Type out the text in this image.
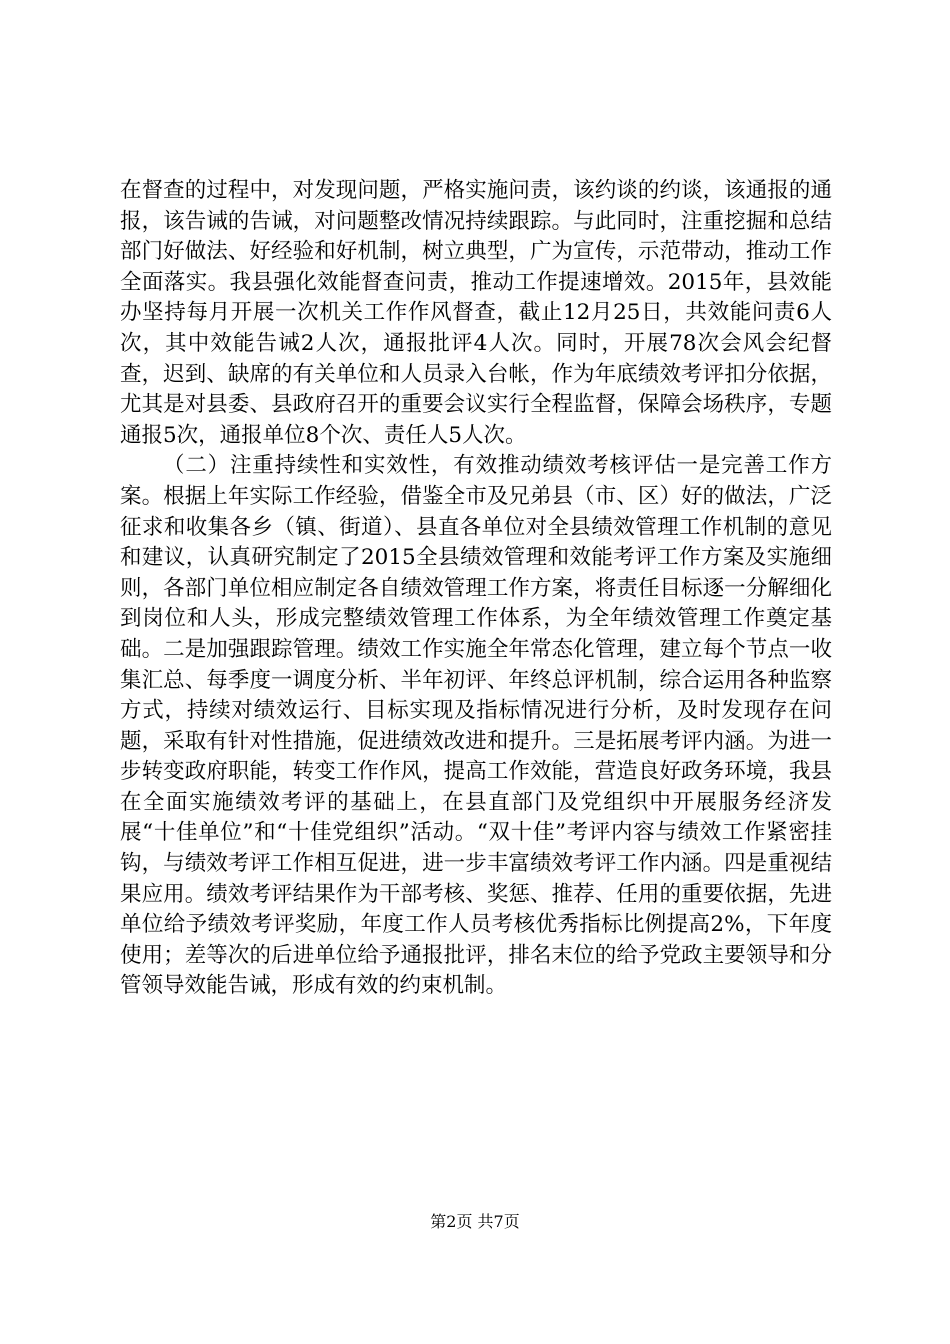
在督查的过程中，对发现问题，严格实施问责，该约谈的约谈，该通报的通报，该告诫的告诫，对问题整改情况持续跟踪。与此同时，注重挖掘和总结部门好做法、好经验和好机制，树立典型，广为宣传，示范带动，推动工作全面落实。我县强化效能督查问责，推动工作提速增效。2015年，县效能办坚持每月开展一次机关工作作风督查，截止12月25日，共效能问责6人次，其中效能告诫2人次，通报批评4人次。同时，开展78次会风会纪督查，迟到、缺席的有关单位和人员录入台帐，作为年底绩效考评扣分依据，尤其是对县委、县政府召开的重要会议实行全程监督，保障会场秩序，专题通报5次，通报单位8个次、责任人5人次。

（二）注重持续性和实效性，有效推动绩效考核评估一是完善工作方案。根据上年实际工作经验，借鉴全市及兄弟县（市、区）好的做法，广泛征求和收集各乡（镇、街道）、县直各单位对全县绩效管理工作机制的意见和建议，认真研究制定了2015全县绩效管理和效能考评工作方案及实施细则，各部门单位相应制定各自绩效管理工作方案，将责任目标逐一分解细化到岗位和人头，形成完整绩效管理工作体系，为全年绩效管理工作奠定基础。二是加强跟踪管理。绩效工作实施全年常态化管理，建立每个节点一收集汇总、每季度一调度分析、半年初评、年终总评机制，综合运用各种监察方式，持续对绩效运行、目标实现及指标情况进行分析，及时发现存在问题，采取有针对性措施，促进绩效改进和提升。三是拓展考评内涵。为进一步转变政府职能，转变工作作风，提高工作效能，营造良好政务环境，我县在全面实施绩效考评的基础上，在县直部门及党组织中开展服务经济发展“十佳单位”和“十佳党组织”活动。“双十佳”考评内容与绩效工作紧密挂钩，与绩效考评工作相互促进，进一步丰富绩效考评工作内涵。四是重视结果应用。绩效考评结果作为干部考核、奖惩、推荐、任用的重要依据，先进单位给予绩效考评奖励，年度工作人员考核优秀指标比例提高2%，下年度使用；差等次的后进单位给予通报批评，排名末位的给予党政主要领导和分管领导效能告诫，形成有效的约束机制。

第2页 共7页
